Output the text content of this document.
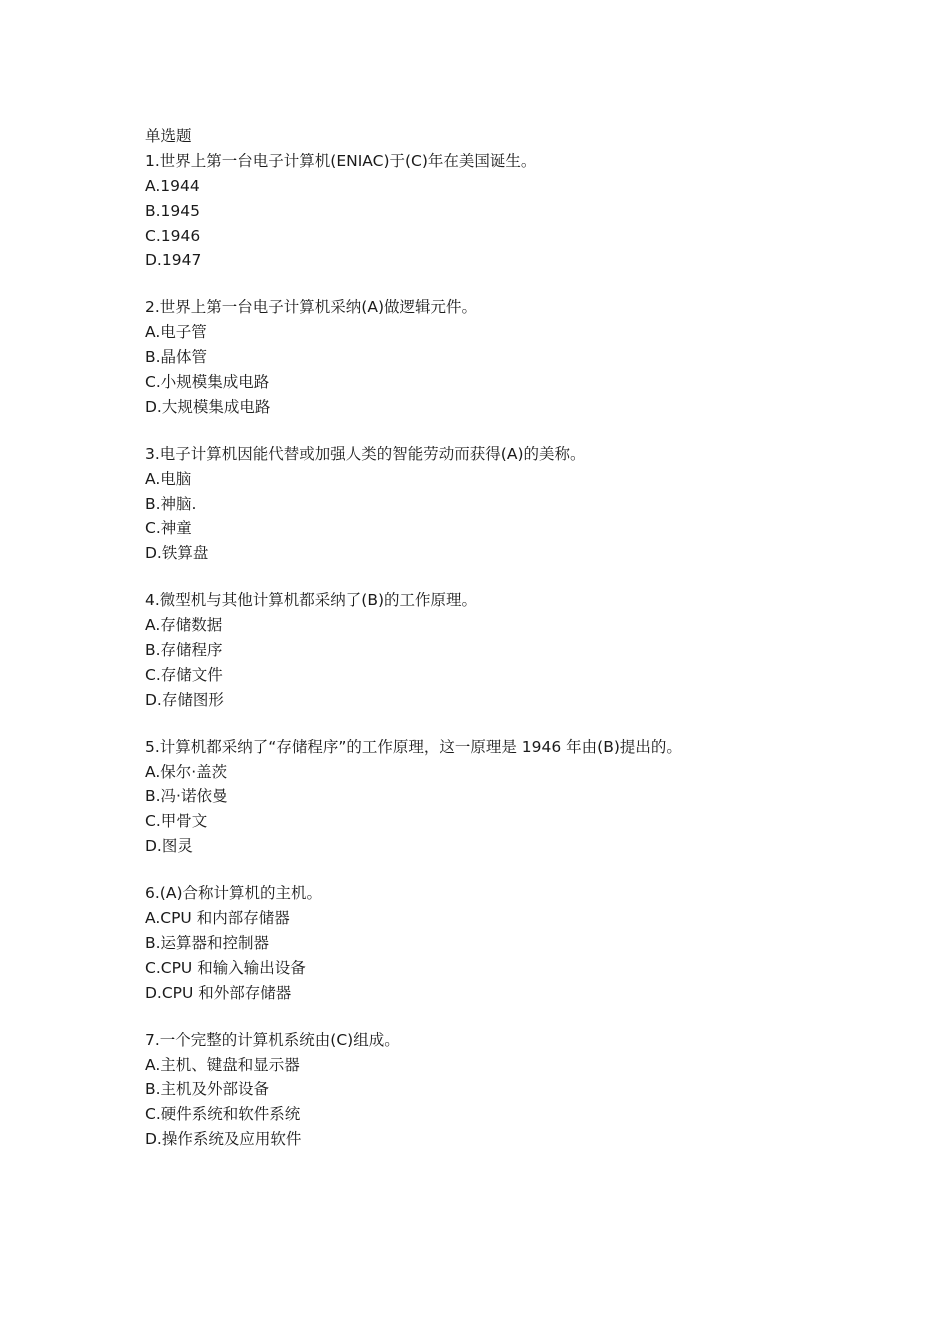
单选题
1.世界上第一台电子计算机(ENIAC)于(C)年在美国诞生。
A.1944
B.1945
C.1946
D.1947
2.世界上第一台电子计算机采纳(A)做逻辑元件。
A.电子管
B.晶体管
C.小规模集成电路
D.大规模集成电路
3.电子计算机因能代替或加强人类的智能劳动而获得(A)的美称。
A.电脑
B.神脑.
C.神童
D.铁算盘
4.微型机与其他计算机都采纳了(B)的工作原理。
A.存储数据
B.存储程序
C.存储文件
D.存储图形
5.计算机都采纳了“存储程序”的工作原理，这一原理是 1946 年由(B)提出的。
A.保尔·盖茨
B.冯·诺依曼
C.甲骨文
D.图灵
6.(A)合称计算机的主机。
A.CPU 和内部存储器
B.运算器和控制器
C.CPU 和输入输出设备
D.CPU 和外部存储器
7.一个完整的计算机系统由(C)组成。
A.主机、键盘和显示器
B.主机及外部设备
C.硬件系统和软件系统
D.操作系统及应用软件
